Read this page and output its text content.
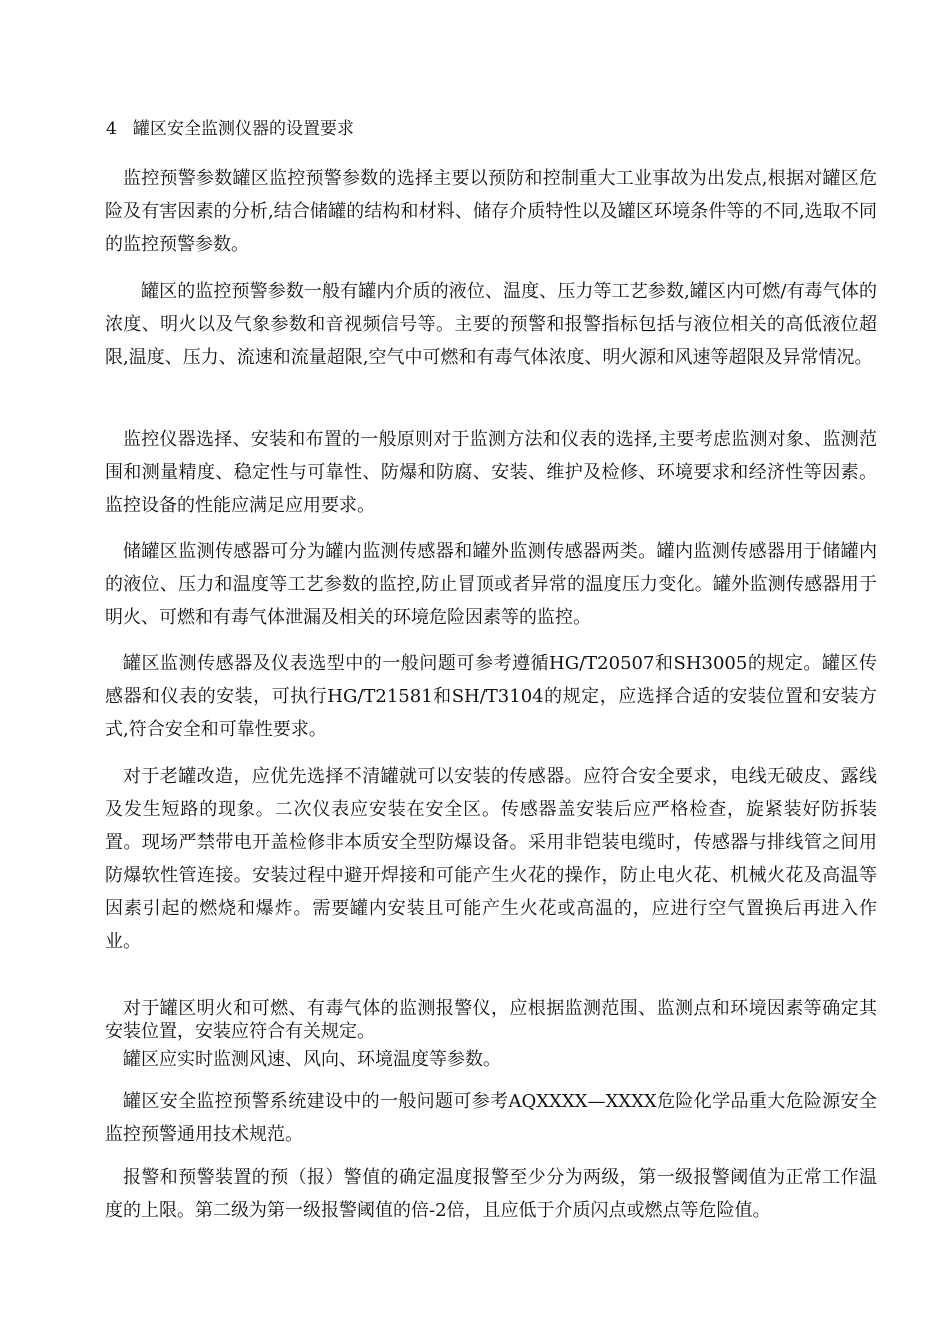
4 罐区安全监测仪器的设置要求

监控预警参数罐区监控预警参数的选择主要以预防和控制重大工业事故为出发点,根据对罐区危险及有害因素的分析,结合储罐的结构和材料、储存介质特性以及罐区环境条件等的不同,选取不同的监控预警参数。

罐区的监控预警参数一般有罐内介质的液位、温度、压力等工艺参数,罐区内可燃/有毒气体的浓度、明火以及气象参数和音视频信号等。主要的预警和报警指标包括与液位相关的高低液位超限,温度、压力、流速和流量超限,空气中可燃和有毒气体浓度、明火源和风速等超限及异常情况。

监控仪器选择、安装和布置的一般原则对于监测方法和仪表的选择,主要考虑监测对象、监测范围和测量精度、稳定性与可靠性、防爆和防腐、安装、维护及检修、环境要求和经济性等因素。监控设备的性能应满足应用要求。

储罐区监测传感器可分为罐内监测传感器和罐外监测传感器两类。罐内监测传感器用于储罐内的液位、压力和温度等工艺参数的监控,防止冒顶或者异常的温度压力变化。罐外监测传感器用于明火、可燃和有毒气体泄漏及相关的环境危险因素等的监控。

罐区监测传感器及仪表选型中的一般问题可参考遵循HG/T20507和SH3005的规定。罐区传感器和仪表的安装，可执行HG/T21581和SH/T3104的规定，应选择合适的安装位置和安装方式,符合安全和可靠性要求。

对于老罐改造，应优先选择不清罐就可以安装的传感器。应符合安全要求，电线无破皮、露线及发生短路的现象。二次仪表应安装在安全区。传感器盖安装后应严格检查，旋紧装好防拆装置。现场严禁带电开盖检修非本质安全型防爆设备。采用非铠装电缆时，传感器与排线管之间用防爆软性管连接。安装过程中避开焊接和可能产生火花的操作，防止电火花、机械火花及高温等因素引起的燃烧和爆炸。需要罐内安装且可能产生火花或高温的，应进行空气置换后再进入作业。

对于罐区明火和可燃、有毒气体的监测报警仪，应根据监测范围、监测点和环境因素等确定其安装位置，安装应符合有关规定。

罐区应实时监测风速、风向、环境温度等参数。

罐区安全监控预警系统建设中的一般问题可参考AQXXXX—XXXX危险化学品重大危险源安全监控预警通用技术规范。

报警和预警装置的预（报）警值的确定温度报警至少分为两级，第一级报警阈值为正常工作温度的上限。第二级为第一级报警阈值的倍-2倍，且应低于介质闪点或燃点等危险值。
